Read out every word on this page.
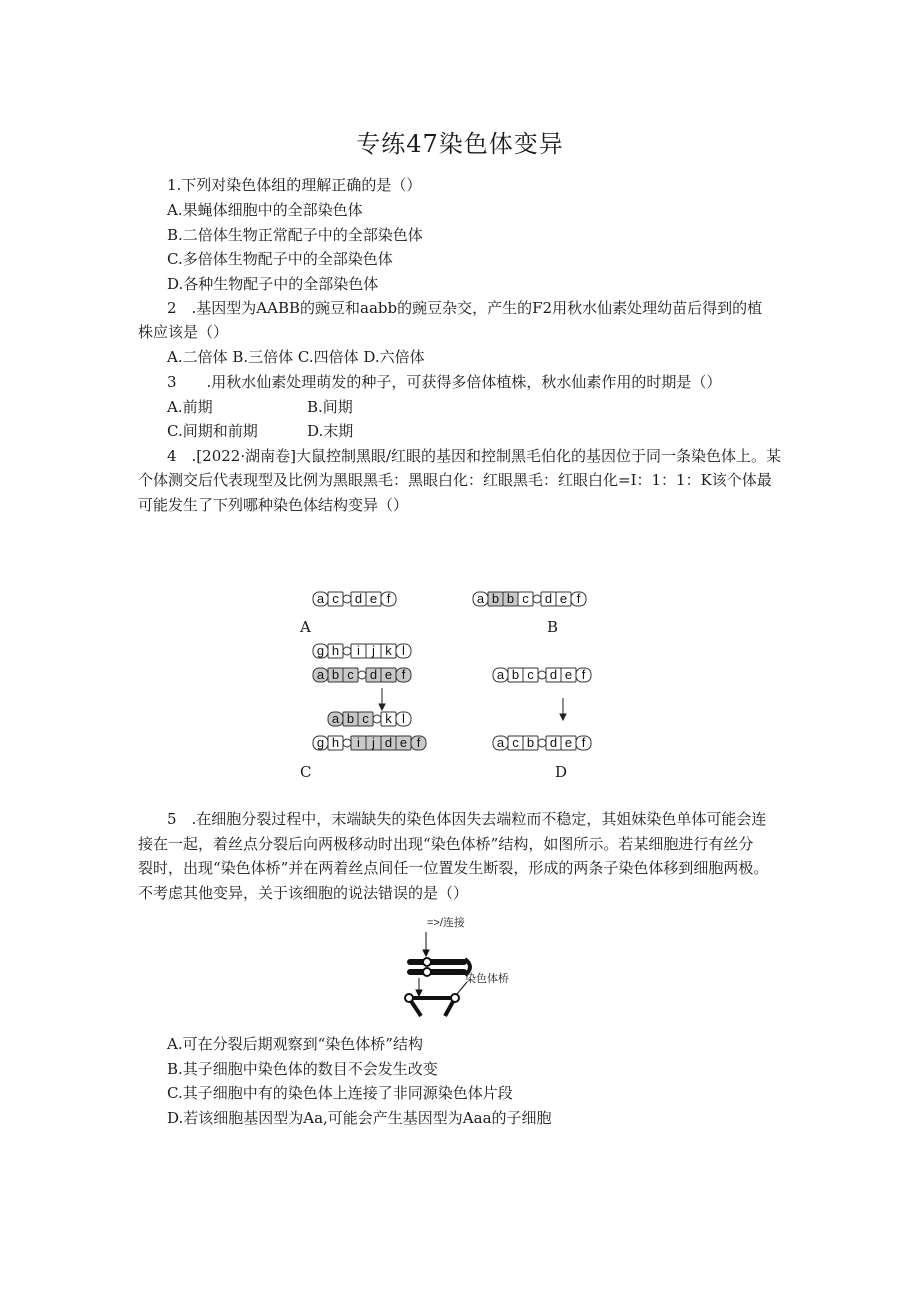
专练47染色体变异
1.下列对染色体组的理解正确的是（）
A.果蝇体细胞中的全部染色体
B.二倍体生物正常配子中的全部染色体
C.多倍体生物配子中的全部染色体
D.各种生物配子中的全部染色体
2　.基因型为AABB的豌豆和aabb的豌豆杂交，产生的F2用秋水仙素处理幼苗后得到的植
株应该是（）
A.二倍体 B.三倍体 C.四倍体 D.六倍体
3　　.用秋水仙素处理萌发的种子，可获得多倍体植株，秋水仙素作用的时期是（）
A.前期	B.间期
C.间期和前期	D.末期
4　.[2022·湖南卷]大鼠控制黑眼/红眼的基因和控制黑毛伯化的基因位于同一条染色体上。某
个体测交后代表现型及比例为黑眼黑毛：黑眼白化：红眼黑毛：红眼白化=I：1：1：K该个体最
可能发生了下列哪种染色体结构变异（）
a c d e f	a b b c d e f
g h i j k l
a b c d e f
a b c k l
g h i j d e f
a b c d e f
a c b d e f
A	B
C	D
5　.在细胞分裂过程中，末端缺失的染色体因失去端粒而不稳定，其姐妹染色单体可能会连
接在一起，着丝点分裂后向两极移动时出现“染色体桥”结构，如图所示。若某细胞进行有丝分
裂时，出现“染色体桥”并在两着丝点间任一位置发生断裂，形成的两条子染色体移到细胞两极。
不考虑其他变异，关于该细胞的说法错误的是（）
=>/连接
染色体桥
A.可在分裂后期观察到“染色体桥”结构
B.其子细胞中染色体的数目不会发生改变
C.其子细胞中有的染色体上连接了非同源染色体片段
D.若该细胞基因型为Aa,可能会产生基因型为Aaa的子细胞
